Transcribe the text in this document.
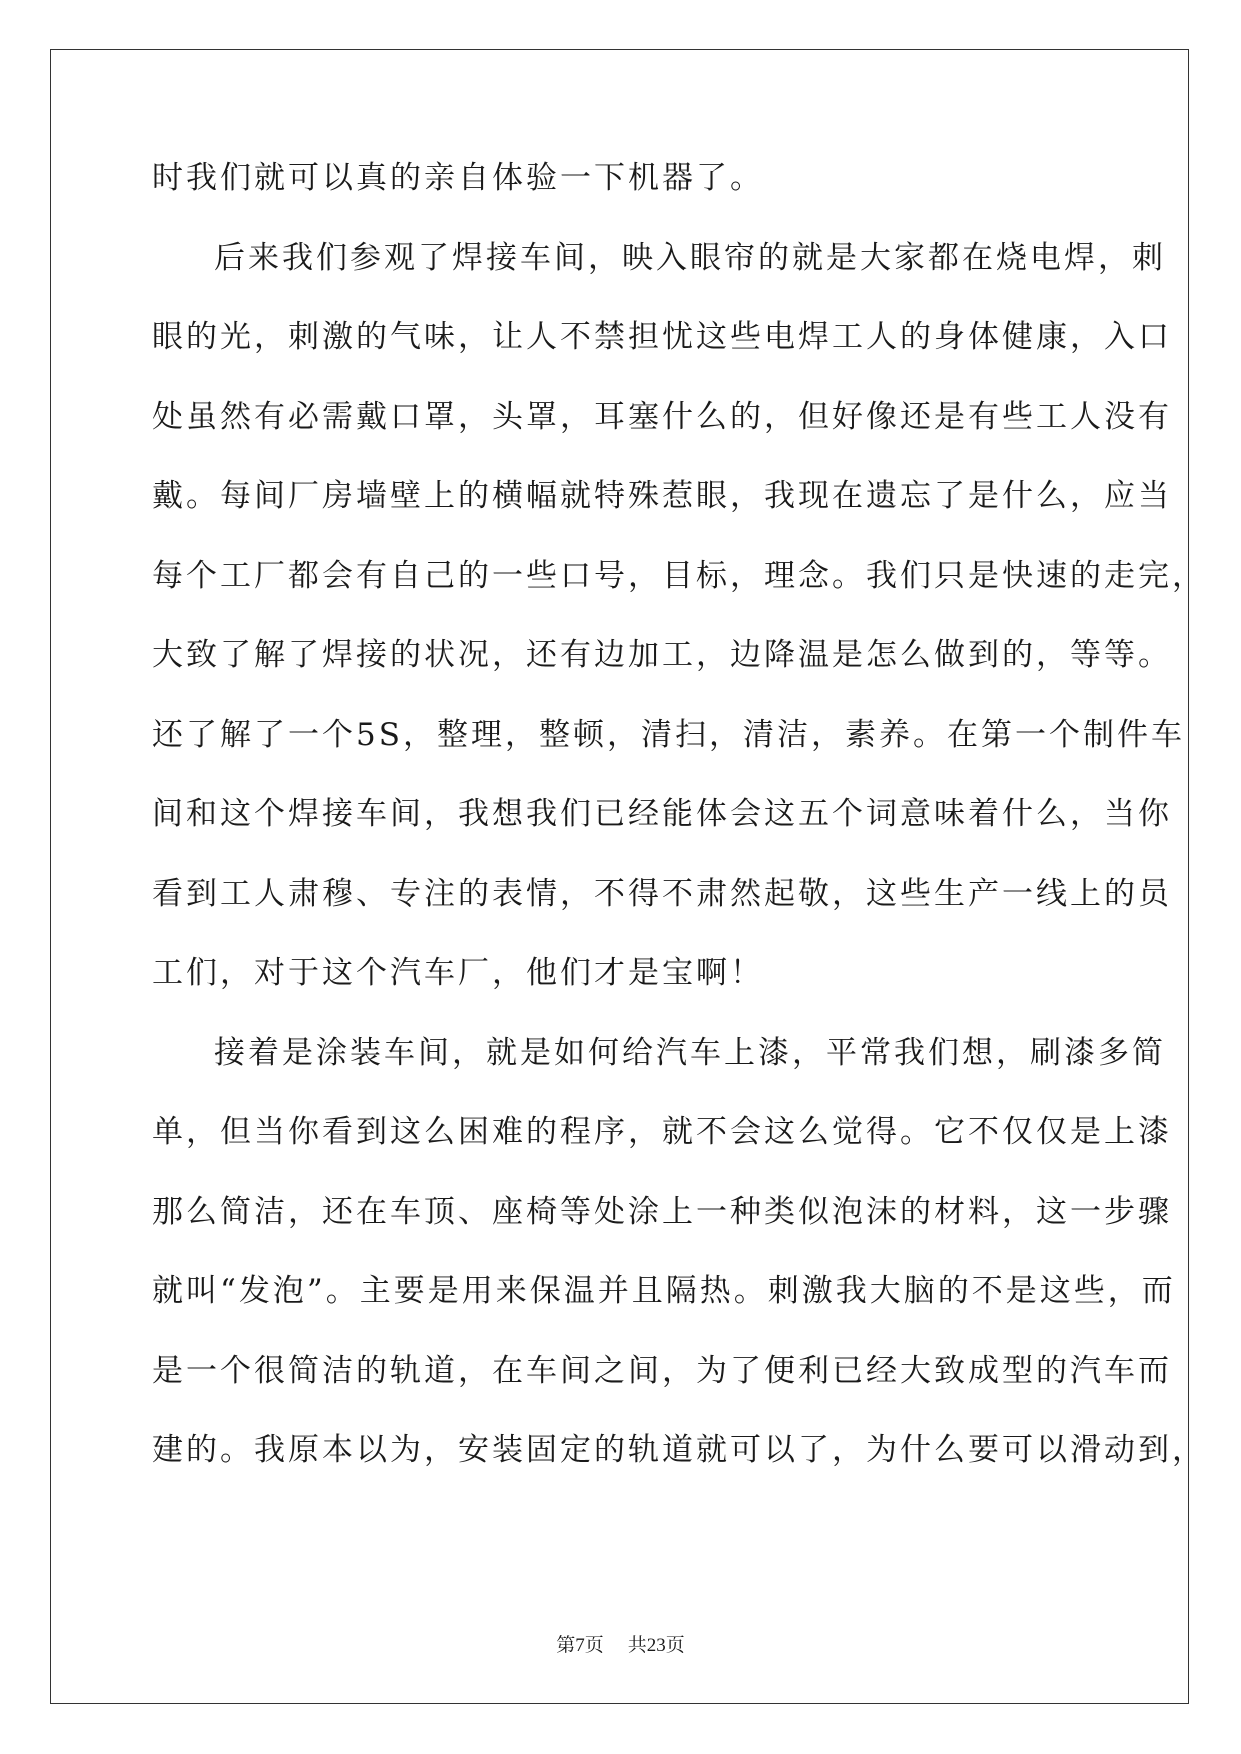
时我们就可以真的亲自体验一下机器了。
后来我们参观了焊接车间，映入眼帘的就是大家都在烧电焊，刺
眼的光，刺激的气味，让人不禁担忧这些电焊工人的身体健康，入口
处虽然有必需戴口罩，头罩，耳塞什么的，但好像还是有些工人没有
戴。每间厂房墙壁上的横幅就特殊惹眼，我现在遗忘了是什么，应当
每个工厂都会有自己的一些口号，目标，理念。我们只是快速的走完，
大致了解了焊接的状况，还有边加工，边降温是怎么做到的，等等。
还了解了一个5S，整理，整顿，清扫，清洁，素养。在第一个制件车
间和这个焊接车间，我想我们已经能体会这五个词意味着什么，当你
看到工人肃穆、专注的表情，不得不肃然起敬，这些生产一线上的员
工们，对于这个汽车厂，他们才是宝啊！
接着是涂装车间，就是如何给汽车上漆，平常我们想，刷漆多简
单，但当你看到这么困难的程序，就不会这么觉得。它不仅仅是上漆
那么简洁，还在车顶、座椅等处涂上一种类似泡沫的材料，这一步骤
就叫“发泡”。主要是用来保温并且隔热。刺激我大脑的不是这些，而
是一个很简洁的轨道，在车间之间，为了便利已经大致成型的汽车而
建的。我原本以为，安装固定的轨道就可以了，为什么要可以滑动到，
第7页 共23页
